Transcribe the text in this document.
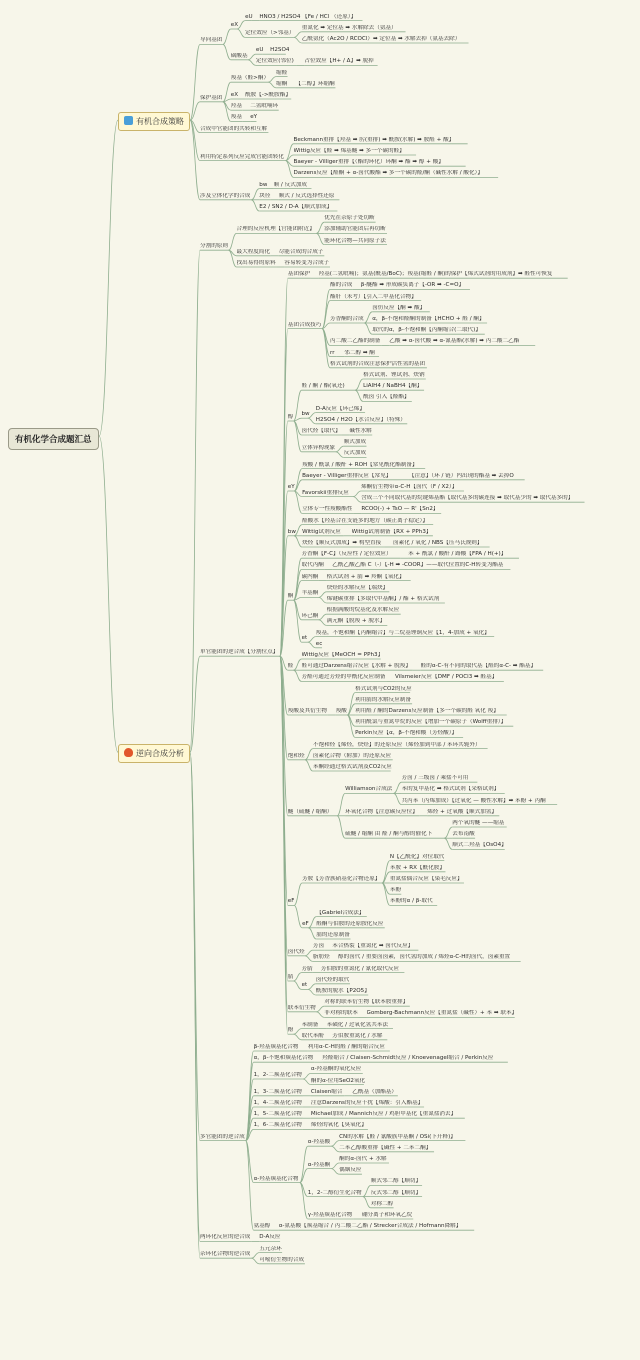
有机化学合成题汇总
有机合成策略
逆向合成分析
导向基团
eX
eU HNO3 / H2SO4 【Fe / HCl （还原）】
定位效应（>邻基）
重氮化 ➡ 定位基 ➡ 水解除去（氨基）
乙酰氨化（Ac2O / RCOCl）➡ 定位基 ➡ 水解去掉（氨基去除）
磺酸基
eU H2SO4
定位效应(邻位) 占位效应【H+ / Δ】➡ 脱掉
保护基团
羧基（醛>酮）
缩醛
缩酮 【二醇】环缩酮
eX 酰胺【->酰胺酯】
羟基 二氢吡喃环
羧基 eY
合成中官能团的共转和互解
利用特定系列反应完成官能团转化
Beckmann重排【羟基 ➡ 肟(重排) ➡ 酰胺(水解) ➡ 胺醛 + 酸】
Wittig反应【醛 ➡ 烯基醚 ➡ 多一个碳的醛】
Baeyer - Villiger重排【（酯的环化）环酮 ➡ 酯 ➡ 醇 + 酸】
Darzens反应【醛酮 + α-卤代酸酯 ➡ 多一个碳的醛/酮（碱性水解 / 酸化）】
涉及立体化学的合成
bw 顺 / 反式加成
块径 顺式 / 反式选择性还原
E2 / SN2 / D-A【顺式加成】
分割的原则
合理的反应机理【官能团附近】
优先在杂原子处切断
添加辅助官能团后再切断
能环化合物—共同原子法
最大程度简化 尽能合成的合成子
找出易得的原料 容易转变为合成子
单官能团的逆合成【分割位点】
基团保护 羟基(二氢吡喃)；氨基(酰基/BoC)；羧基(缩醛 / 酮)的保护【烯式试剂的用成剂】➡ 醛性可恢复
基团合成技巧
酯的合成 β-醚酯 ➡ 形成碳负离子【-OR ➡ -C=O】
酯肝（未考）【引入二甲基化合物】
芳香酮的合成
卤仿反应【酮 ➡ 酸】
α，β-不饱和醛酮的制备【HCHO + 醛 / 酮】
取代的α，β-不饱和酮【丙酮缩合(二取代)】
丙二酸二乙酯的制备 乙酸 ➡ α-卤代酸 ➡ α-氰基酯(水解) ➡ 丙二酸二乙酯
rr 邻二醇 ➡ 酮
格式试剂的合成注意保护活性氢的基团
醇
醛 / 酮 / 酯(氧还)
格式试剂、锂试剂、炔钠
LiAlH4 / NaBH4【酮】
酰卤 引入【醛酯】
bw
D-A反应【环己烯】
H2SO4 / H2O【水合反应】（特殊）
卤代烃【取代】 碱性水解
立体异构现象
顺式加成
反式加成
eY
羧酸 / 酰氯 / 酸酐 + ROH【常见酰化酯制备】
Baeyer - Villiger重排反应【常见】	【注意】（环 / 链）内出现的酯基 ➡ 丢掉O
Favorskii重排反应
烯酮衍生物带α-C-H【卤代（F / X2）】
含成三个不同取代基的烷键烯基酯【取代基多的碳连接 ➡ 取代基少的 ➡ 取代基多的】
立体专一性羧酸酯性 RCOO(-) + TsO — R'【Sn2】
bw
醛酸水【羟基合在支链多的地方（碳正离子稳定）】
Wittig试剂反应 Wittig试剂制备【RX + PPh3】
炔烃【顺反式加成】➡ 构型直接 卤素化 / 氧化 / NBS【压马氏规则】
酮
芳香酮【F-C】（反应性 / 定位效应）	苯 + 酰氯 / 酸酐 / 路酸【FPA / H(+)】
取代丙酮 乙酰乙酸乙酯 C（-）【-H ➡ -COOR】——取代位置的C-H转变为酯基
碳内酮 格式试剂 + 腈 ➡ 羚酮【氧化】
羊基酮
炔烃的水解反应【端炔】
烯键碳重排【多取代甲基酮】/ 酯 + 格式试剂
环己酮
根据满酸的烷基化及水解反应
满元酮【脱羧 + 脱水】
et
羧基，不饱和酮【丙酮缩合】与二烷基锂铜反应【1，4-加成 + 氧化】
ec
醛
Wittig反应【MeOCH = PPh3】
醛可通过Darzens缩合反应【水解 + 脱羧】 醛的α-C-有不同的取代基【醛的α-C- ➡ 酯基】
芳醛可通过芳烃的甲酰化反应制备 Vilsmeier反应【DMF / POCl3 ➡ 醛基】
羧酸及其衍生物 羧酸
格式试剂与CO2的反应
利用腈的水解反应制备
利用醛 / 酮的Darzens反应制备【多一个碳的醛 氧化 羧】
利用酰氯与重氮甲烷的反应【增加一个碳原子（Wolff重排）】
Perkin反应【α，β-不饱和酸（芳烃酸）】
饱和烃
不饱和烃【烯烃，炔烃】的还原反应（烯烃加到中部 / 苯环共轭外）
卤素化合物（附加）的还原反应
苯酮经通过格式试剂及CO2反应
醚（硫醚 / 缩酮）
Williamson合成法
芳卤 / 三级卤 / 乘盐不可用
苯的复甲基化 ➡ 格式试剂【采格试剂】
共丙苯（丙烯加成）【过氧化 — 酸性水解】➡ 苯酚 + 丙酮
环氧化合物【注意碳反应位】 烯烃 + 过氧酸【顺式加氢】
硫醚 / 缩酮 由 醛 / 酮与醇的催化下
两个氧的醚 ——缩基
去布南酸
顺式二羟基【OsO4】
eF
芳胺【芳香族硝基化合物还原】
N【乙酰化】对位取代
苯胺 + RX【酰化胺】
重氮盐偶合反应【染毛反应】
苯酚
苯酚的α / β-取代
eF
【Gabriel合成法】
醛酮与伯胺的还原胺化反应
腈的还原制备
卤代烃
芳卤 苯合热裂【重氮化 ➡ 卤代反应】
脂肪烃 醇的卤代 / 重要卤卤素，卤代氢的加成 / 烯烃α-C-H的卤代，卤素重置
腈
芳腈 芳伯胺的重氮化 / 氰化取代反应
et
卤代烃的取代
酰胺的脱水【P2O5】
联苯衍生物
对称的联苯衍生物【联苯胺重排】
非对称的联苯 Gomberg-Bachmann反应【重氮盐（碱性）+ 苯 ➡ 联苯】
酚
苯制备 苯磺化 / 过氧化氢共苯法
取代苯酚 芳伯胺重氮化 / 水解
多官能团的逆合成
β-羟基羰基化合物 利用α-C-H的醛 / 酮的缩合反应
α，β-不饱和羰基化合物 羟醛缩合 / Claisen-Schmidt反应 / Knoevenagel缩合 / Perkin反应
1，2-二羰基化合物
α-羟基酮的氧化反应
酮的α-位用SeO2氧化
1，3-二羰基化合物 Claisen缩合 乙酰基（加酯基）
1，4-二羰基化合物 注意Darzens的反应干扰【烯酸：引入酯基】
1，5-二羰基化合物 Michael加成 / Mannich反应 / 鸡胆甲基化【重氮盐消去】
1，6-二羰基化合物 烯烃的氧化【臭氧化】
α-羟基羰基化合物
α-羟基酸
CN的水解【醛 / 氰酸族甲基酮 / OSi(下开释)】
二苯乙醇酸重排【碱性 + 二苯二酮】
α-羟基酮
酮的α-卤代 + 水解
偶姻反应
1，2-二醇衍生化合物
顺式邻二醇【顺切】
反式邻二醇【顺切】
对称二醇
γ-羟基羰基化合物 硼分离子和环氧乙烷
氨基醇 α-氨基酸【羰基缩合 / 丙二酸二乙酯 / Strecker合成法 / Hofmann降解】
两环化反应的逆合成 D-A反应
杂环化合物的逆合成
五元杂环
可嘧衍生物的合成
